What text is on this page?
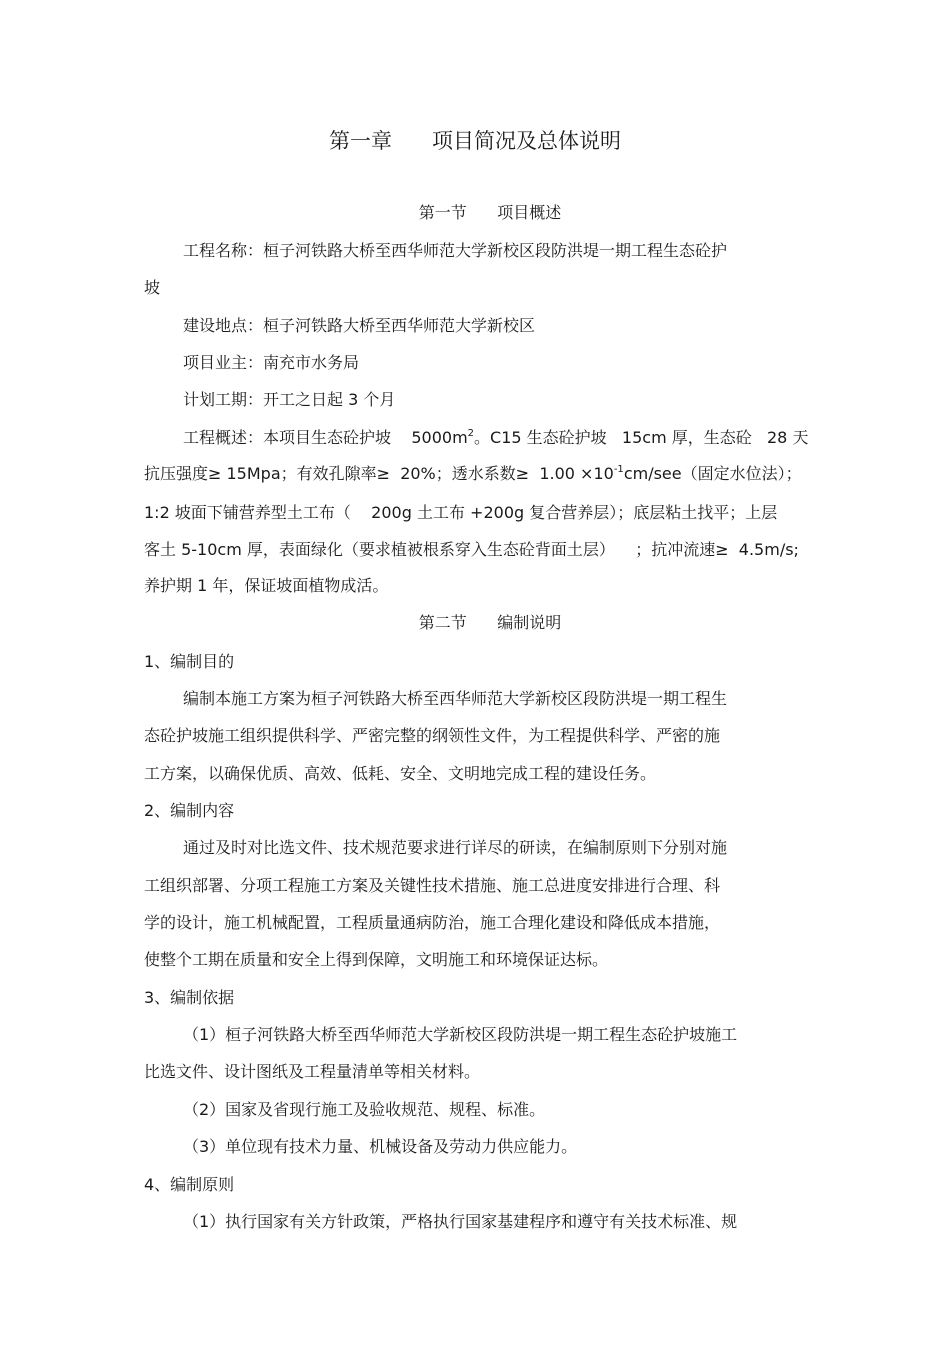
第一章      项目简况及总体说明
第一节      项目概述
工程名称：桓子河铁路大桥至西华师范大学新校区段防洪堤一期工程生态砼护
坡
建设地点：桓子河铁路大桥至西华师范大学新校区
项目业主：南充市水务局
计划工期：开工之日起 3 个月
工程概述：本项目生态砼护坡    $5000m^2$。C15 生态砼护坡   15cm 厚，生态砼   28 天
抗压强度≥ 15Mpa；有效孔隙率≥  20%；透水系数≥  $1.00 \times 10^{-1}cm/see$（固定水位法）；
1:2 坡面下铺营养型土工布（    200g 土工布 +200g 复合营养层）；底层粘土找平；上层
客土 5-10cm 厚，表面绿化（要求植被根系穿入生态砼背面土层）    ；抗冲流速≥  4.5m/s;
养护期 1 年，保证坡面植物成活。
第二节      编制说明
1、编制目的
编制本施工方案为桓子河铁路大桥至西华师范大学新校区段防洪堤一期工程生
态砼护坡施工组织提供科学、严密完整的纲领性文件，为工程提供科学、严密的施
工方案，以确保优质、高效、低耗、安全、文明地完成工程的建设任务。
2、编制内容
通过及时对比选文件、技术规范要求进行详尽的研读，在编制原则下分别对施
工组织部署、分项工程施工方案及关键性技术措施、施工总进度安排进行合理、科
学的设计，施工机械配置，工程质量通病防治，施工合理化建设和降低成本措施，
使整个工期在质量和安全上得到保障，文明施工和环境保证达标。
3、编制依据
（1）桓子河铁路大桥至西华师范大学新校区段防洪堤一期工程生态砼护坡施工
比选文件、设计图纸及工程量清单等相关材料。
（2）国家及省现行施工及验收规范、规程、标准。
（3）单位现有技术力量、机械设备及劳动力供应能力。
4、编制原则
（1）执行国家有关方针政策，严格执行国家基建程序和遵守有关技术标准、规
